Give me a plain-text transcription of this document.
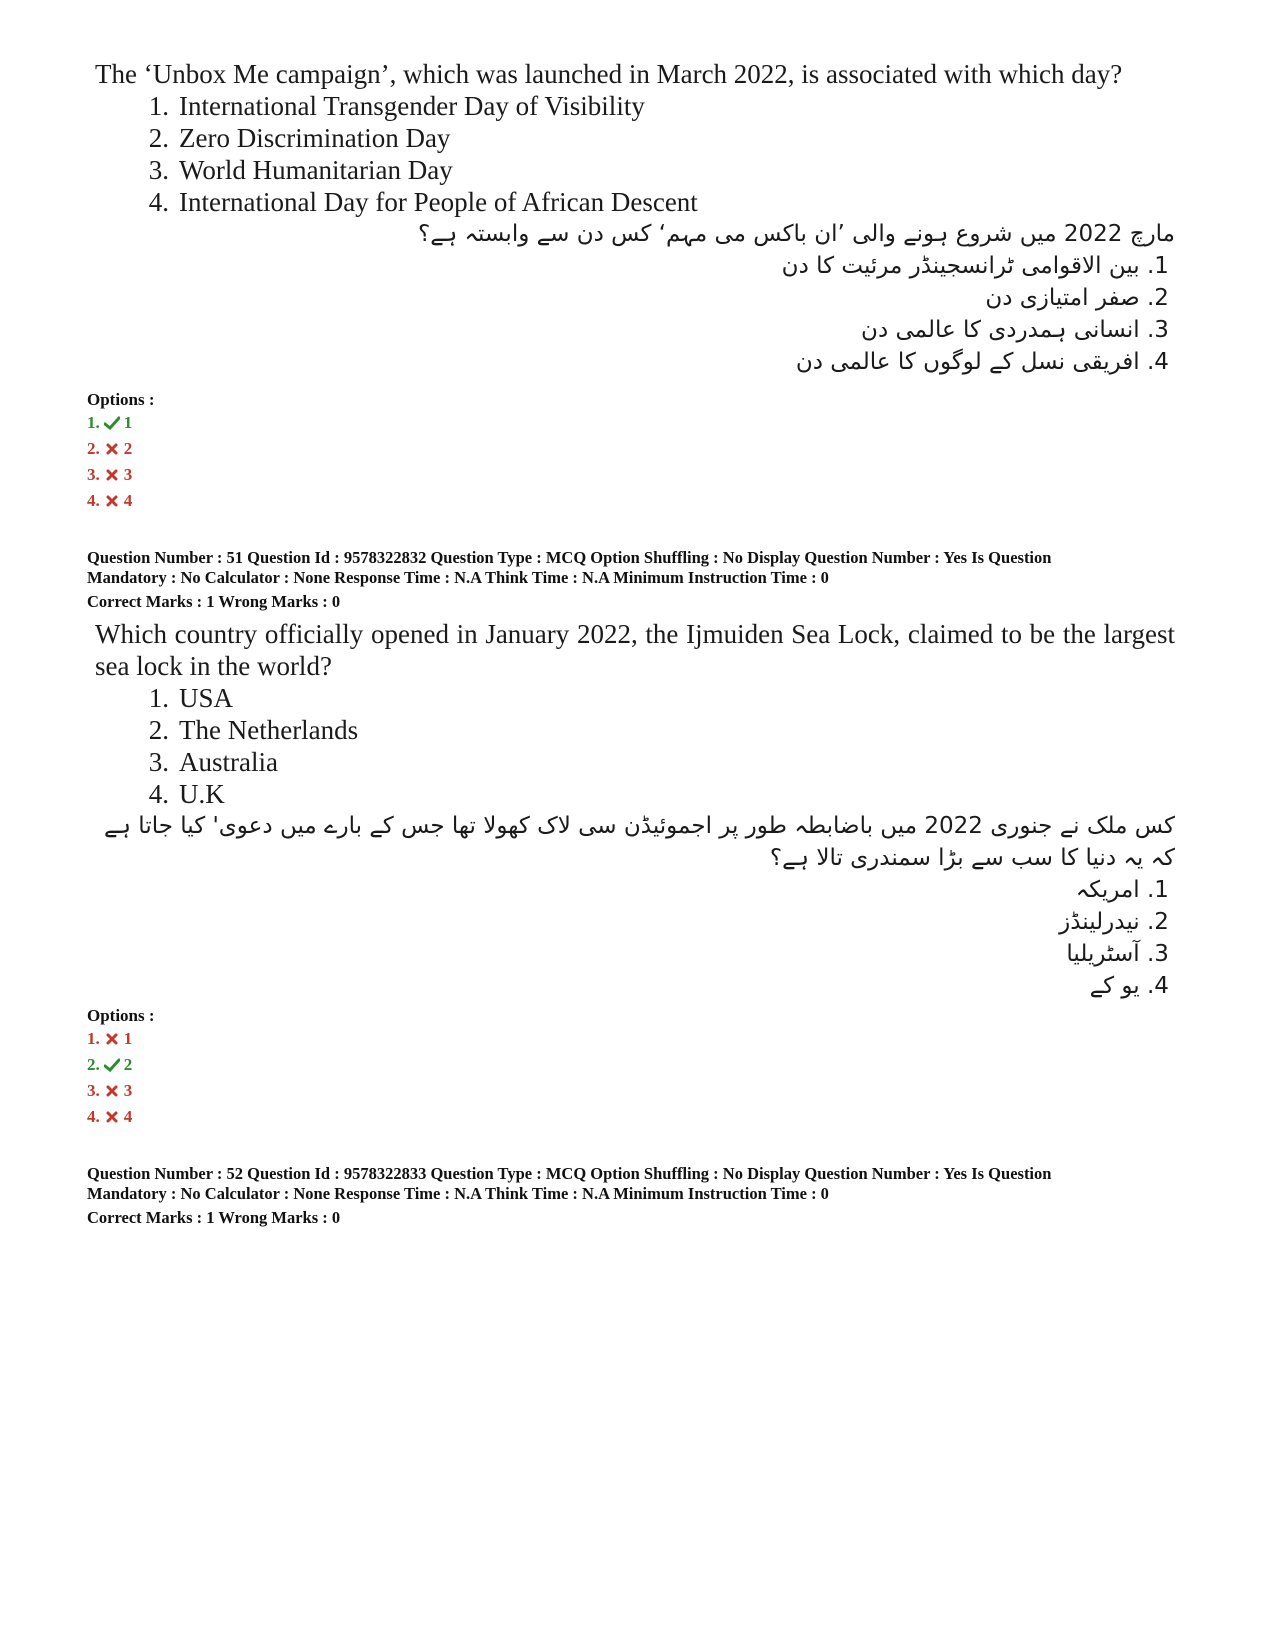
The ‘Unbox Me campaign’, which was launched in March 2022, is associated with which day?

1. International Transgender Day of Visibility
2. Zero Discrimination Day
3. World Humanitarian Day
4. International Day for People of African Descent

مارچ 2022 میں شروع ہونے والی ’ان باکس می مہم‘ کس دن سے وابستہ ہے؟

.1 بین الاقوامی ٹرانسجینڈر مرئیت کا دن
.2 صفر امتیازی دن
.3 انسانی ہمدردی کا عالمی دن
.4 افریقی نسل کے لوگوں کا عالمی دن
Options :
1. 1
2. 2
3. 3
4. 4
Question Number : 51 Question Id : 9578322832 Question Type : MCQ Option Shuffling : No Display Question Number : Yes Is Question
Mandatory : No Calculator : None Response Time : N.A Think Time : N.A Minimum Instruction Time : 0
Correct Marks : 1 Wrong Marks : 0

Which country officially opened in January 2022, the Ijmuiden Sea Lock, claimed to be the largest sea lock in the world?

1. USA
2. The Netherlands
3. Australia
4. U.K

کس ملک نے جنوری 2022 میں باضابطہ طور پر اجموئیڈن سی لاک کھولا تھا جس کے بارے میں دعوی' کیا جاتا ہے کہ یہ دنیا کا سب سے بڑا سمندری تالا ہے؟

.1 امریکہ
.2 نیدرلینڈز
.3 آسٹریلیا
.4 یو کے
Options :
1. 1
2. 2
3. 3
4. 4
Question Number : 52 Question Id : 9578322833 Question Type : MCQ Option Shuffling : No Display Question Number : Yes Is Question
Mandatory : No Calculator : None Response Time : N.A Think Time : N.A Minimum Instruction Time : 0
Correct Marks : 1 Wrong Marks : 0
